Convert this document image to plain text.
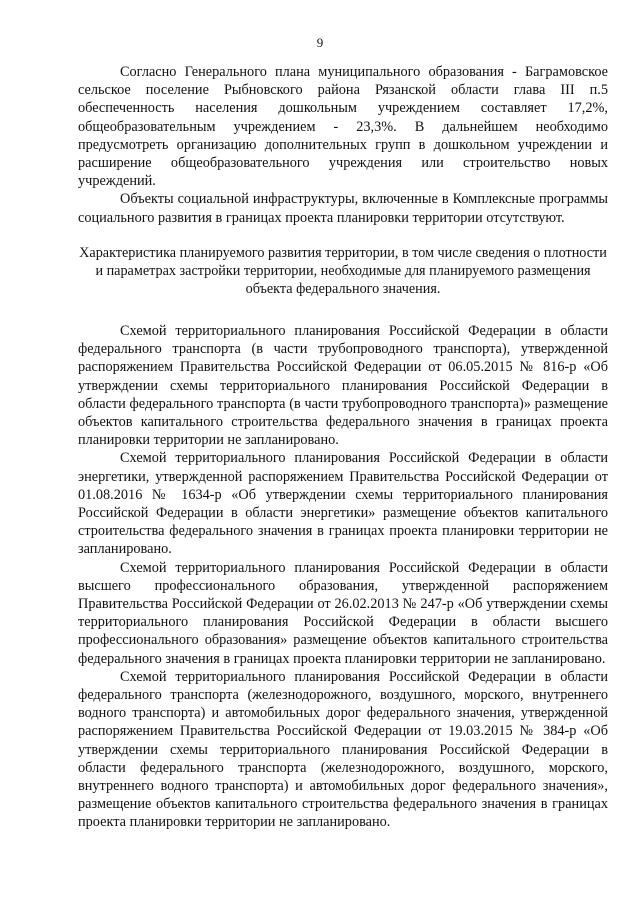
9

Согласно Генерального плана муниципального образования - Баграмовское сельское поселение Рыбновского района Рязанской области глава III п.5 обеспеченность населения дошкольным учреждением составляет 17,2%, общеобразовательным учреждением - 23,3%. В дальнейшем необходимо предусмотреть организацию дополнительных групп в дошкольном учреждении и расширение общеобразовательного учреждения или строительство новых учреждений.

Объекты социальной инфраструктуры, включенные в Комплексные программы социального развития в границах проекта планировки территории отсутствуют.

Характеристика планируемого развития территории, в том числе сведения о плотности и параметрах застройки территории, необходимые для планируемого размещения объекта федерального значения.

Схемой территориального планирования Российской Федерации в области федерального транспорта (в части трубопроводного транспорта), утвержденной распоряжением Правительства Российской Федерации от 06.05.2015 № 816-р «Об утверждении схемы территориального планирования Российской Федерации в области федерального транспорта (в части трубопроводного транспорта)» размещение объектов капитального строительства федерального значения в границах проекта планировки территории не запланировано.

Схемой территориального планирования Российской Федерации в области энергетики, утвержденной распоряжением Правительства Российской Федерации от 01.08.2016 № 1634-р «Об утверждении схемы территориального планирования Российской Федерации в области энергетики» размещение объектов капитального строительства федерального значения в границах проекта планировки территории не запланировано.

Схемой территориального планирования Российской Федерации в области высшего профессионального образования, утвержденной распоряжением Правительства Российской Федерации от 26.02.2013 № 247-р «Об утверждении схемы территориального планирования Российской Федерации в области высшего профессионального образования» размещение объектов капитального строительства федерального значения в границах проекта планировки территории не запланировано.

Схемой территориального планирования Российской Федерации в области федерального транспорта (железнодорожного, воздушного, морского, внутреннего водного транспорта) и автомобильных дорог федерального значения, утвержденной распоряжением Правительства Российской Федерации от 19.03.2015 № 384-р «Об утверждении схемы территориального планирования Российской Федерации в области федерального транспорта (железнодорожного, воздушного, морского, внутреннего водного транспорта) и автомобильных дорог федерального значения», размещение объектов капитального строительства федерального значения в границах проекта планировки территории не запланировано.
